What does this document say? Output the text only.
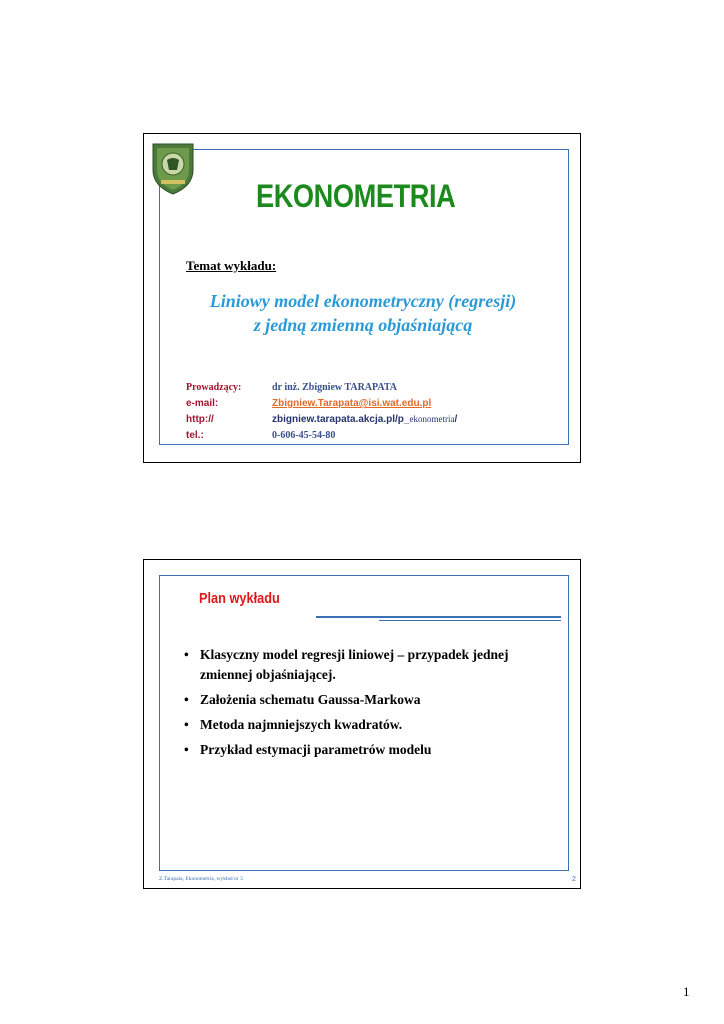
EKONOMETRIA
Temat wykładu:
Liniowy model ekonometryczny (regresji)
z jedną zmienną objaśniającą
Prowadzący:	dr inż. Zbigniew TARAPATA
e-mail:	Zbigniew.Tarapata@isi.wat.edu.pl
http://	zbigniew.tarapata.akcja.pl/p_ekonometria/
tel.:	0-606-45-54-80
Plan wykładu
• Klasyczny model regresji liniowej – przypadek jednej zmiennej objaśniającej.
• Założenia schematu Gaussa-Markowa
• Metoda najmniejszych kwadratów.
• Przykład estymacji parametrów modelu
Z.Tarapata, Ekonometria, wykład nr 3	2
1
